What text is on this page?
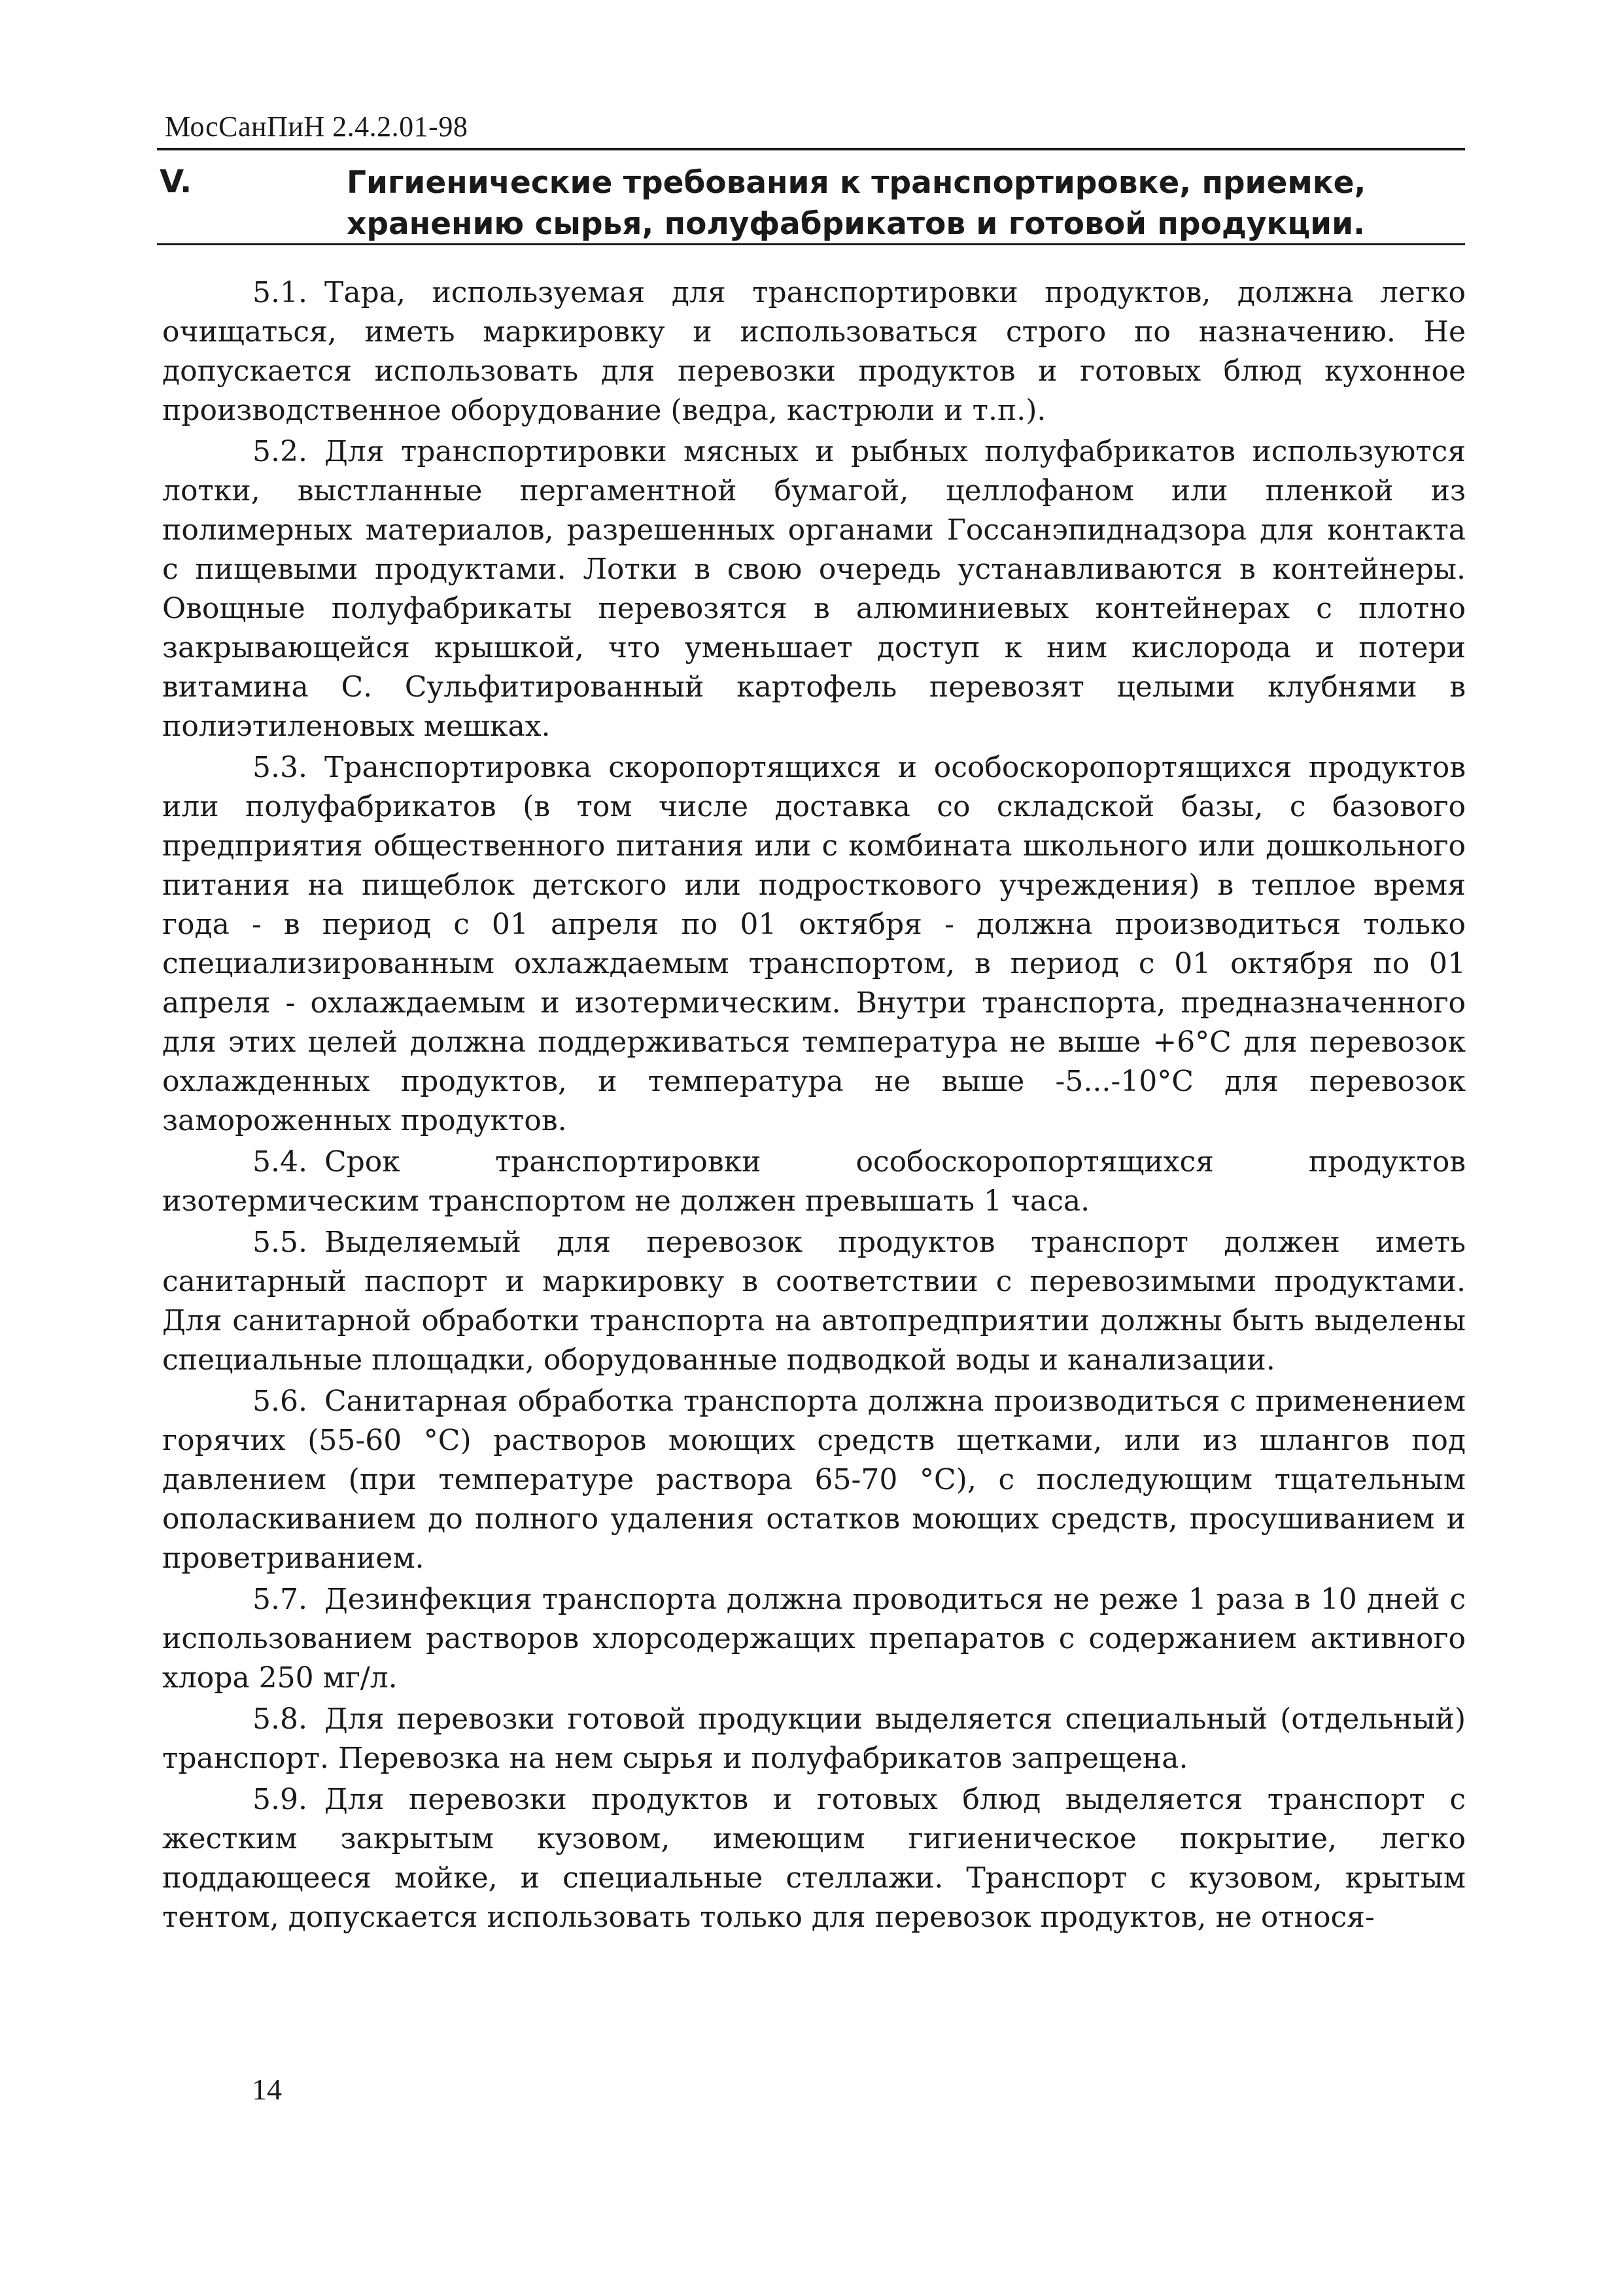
МосСанПиН 2.4.2.01-98
V.	Гигиенические требования к транспортировке, приемке, хранению сырья, полуфабрикатов и готовой продукции.

5.1. Тара, используемая для транспортировки продуктов, должна легко очищаться, иметь маркировку и использоваться строго по назначению. Не допускается использовать для перевозки продуктов и готовых блюд кухонное производственное оборудование (ведра, кастрюли и т.п.).

5.2. Для транспортировки мясных и рыбных полуфабрикатов используются лотки, выстланные пергаментной бумагой, целлофаном или пленкой из полимерных материалов, разрешенных органами Госсанэпиднадзора для контакта с пищевыми продуктами. Лотки в свою очередь устанавливаются в контейнеры. Овощные полуфабрикаты перевозятся в алюминиевых контейнерах с плотно закрывающейся крышкой, что уменьшает доступ к ним кислорода и потери витамина С. Сульфитированный картофель перевозят целыми клубнями в полиэтиленовых мешках.

5.3. Транспортировка скоропортящихся и особоскоропортящихся продуктов или полуфабрикатов (в том числе доставка со складской базы, с базового предприятия общественного питания или с комбината школьного или дошкольного питания на пищеблок детского или подросткового учреждения) в теплое время года - в период с 01 апреля по 01 октября - должна производиться только специализированным охлаждаемым транспортом, в период с 01 октября по 01 апреля - охлаждаемым и изотермическим. Внутри транспорта, предназначенного для этих целей должна поддерживаться температура не выше +6°С для перевозок охлажденных продуктов, и температура не выше -5...-10°С для перевозок замороженных продуктов.

5.4. Срок транспортировки особоскоропортящихся продуктов изотермическим транспортом не должен превышать 1 часа.

5.5. Выделяемый для перевозок продуктов транспорт должен иметь санитарный паспорт и маркировку в соответствии с перевозимыми продуктами. Для санитарной обработки транспорта на автопредприятии должны быть выделены специальные площадки, оборудованные подводкой воды и канализации.

5.6. Санитарная обработка транспорта должна производиться с применением горячих (55-60 °С) растворов моющих средств щетками, или из шлангов под давлением (при температуре раствора 65-70 °С), с последующим тщательным ополаскиванием до полного удаления остатков моющих средств, просушиванием и проветриванием.

5.7. Дезинфекция транспорта должна проводиться не реже 1 раза в 10 дней с использованием растворов хлорсодержащих препаратов с содержанием активного хлора 250 мг/л.

5.8. Для перевозки готовой продукции выделяется специальный (отдельный) транспорт. Перевозка на нем сырья и полуфабрикатов запрещена.

5.9. Для перевозки продуктов и готовых блюд выделяется транспорт с жестким закрытым кузовом, имеющим гигиеническое покрытие, легко поддающееся мойке, и специальные стеллажи. Транспорт с кузовом, крытым тентом, допускается использовать только для перевозок продуктов, не относя-

14
